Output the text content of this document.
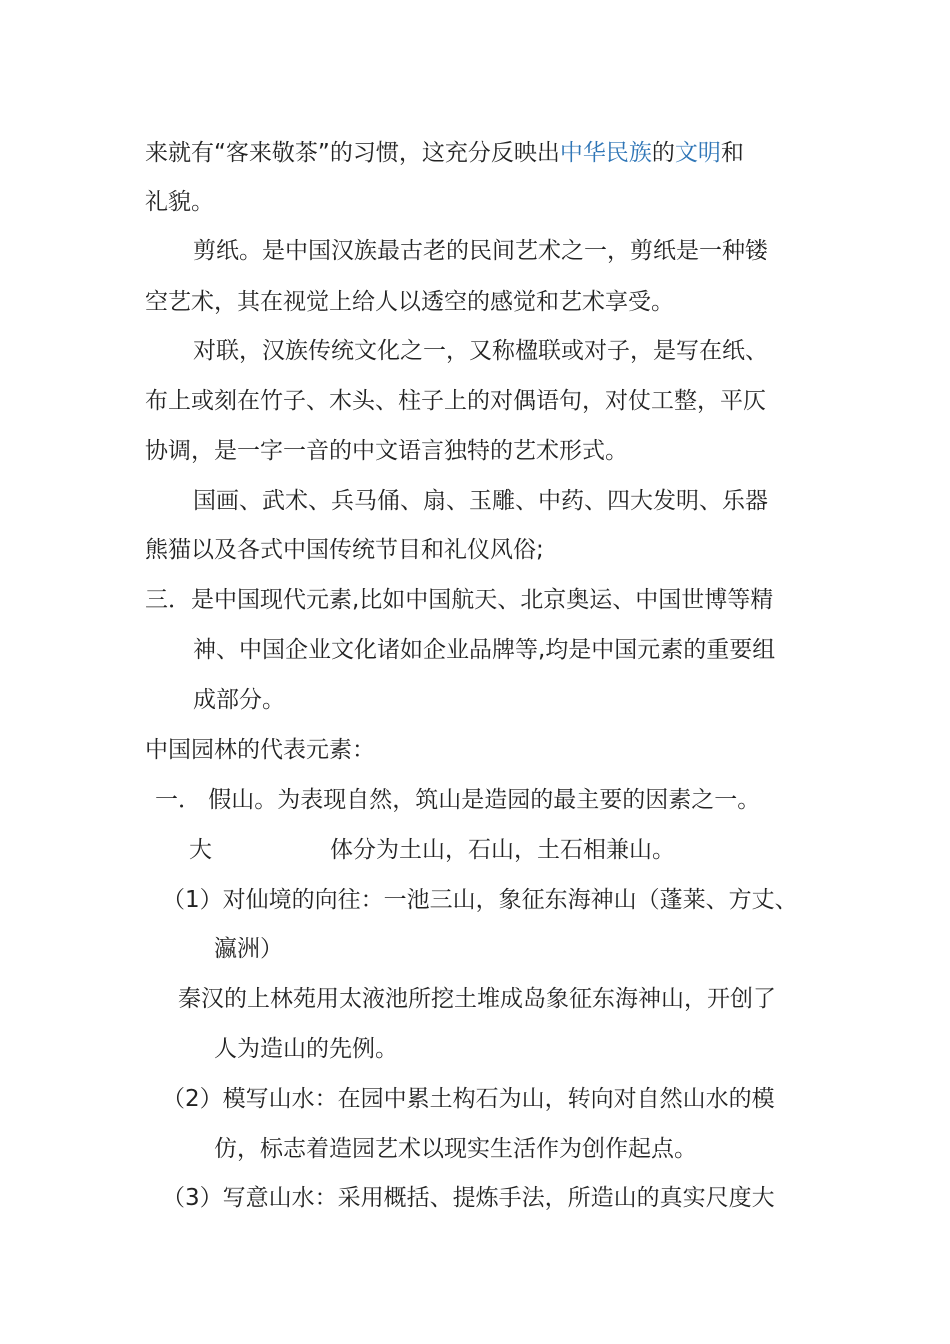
来就有“客来敬茶”的习惯，这充分反映出中华民族的文明和
礼貌。
剪纸。是中国汉族最古老的民间艺术之一，剪纸是一种镂
空艺术，其在视觉上给人以透空的感觉和艺术享受。
对联，汉族传统文化之一，又称楹联或对子，是写在纸、
布上或刻在竹子、木头、柱子上的对偶语句，对仗工整，平仄
协调，是一字一音的中文语言独特的艺术形式。
国画、武术、兵马俑、扇、玉雕、中药、四大发明、乐器
熊猫以及各式中国传统节目和礼仪风俗;
三．是中国现代元素,比如中国航天、北京奥运、中国世博等精
神、中国企业文化诸如企业品牌等,均是中国元素的重要组
成部分。
中国园林的代表元素：
一． 假山。为表现自然，筑山是造园的最主要的因素之一。
大	体分为土山，石山，土石相兼山。
（1）对仙境的向往：一池三山，象征东海神山（蓬莱、方丈、
瀛洲）
秦汉的上林苑用太液池所挖土堆成岛象征东海神山，开创了
人为造山的先例。
（2）模写山水：在园中累土构石为山，转向对自然山水的模
仿，标志着造园艺术以现实生活作为创作起点。
（3）写意山水：采用概括、提炼手法，所造山的真实尺度大
